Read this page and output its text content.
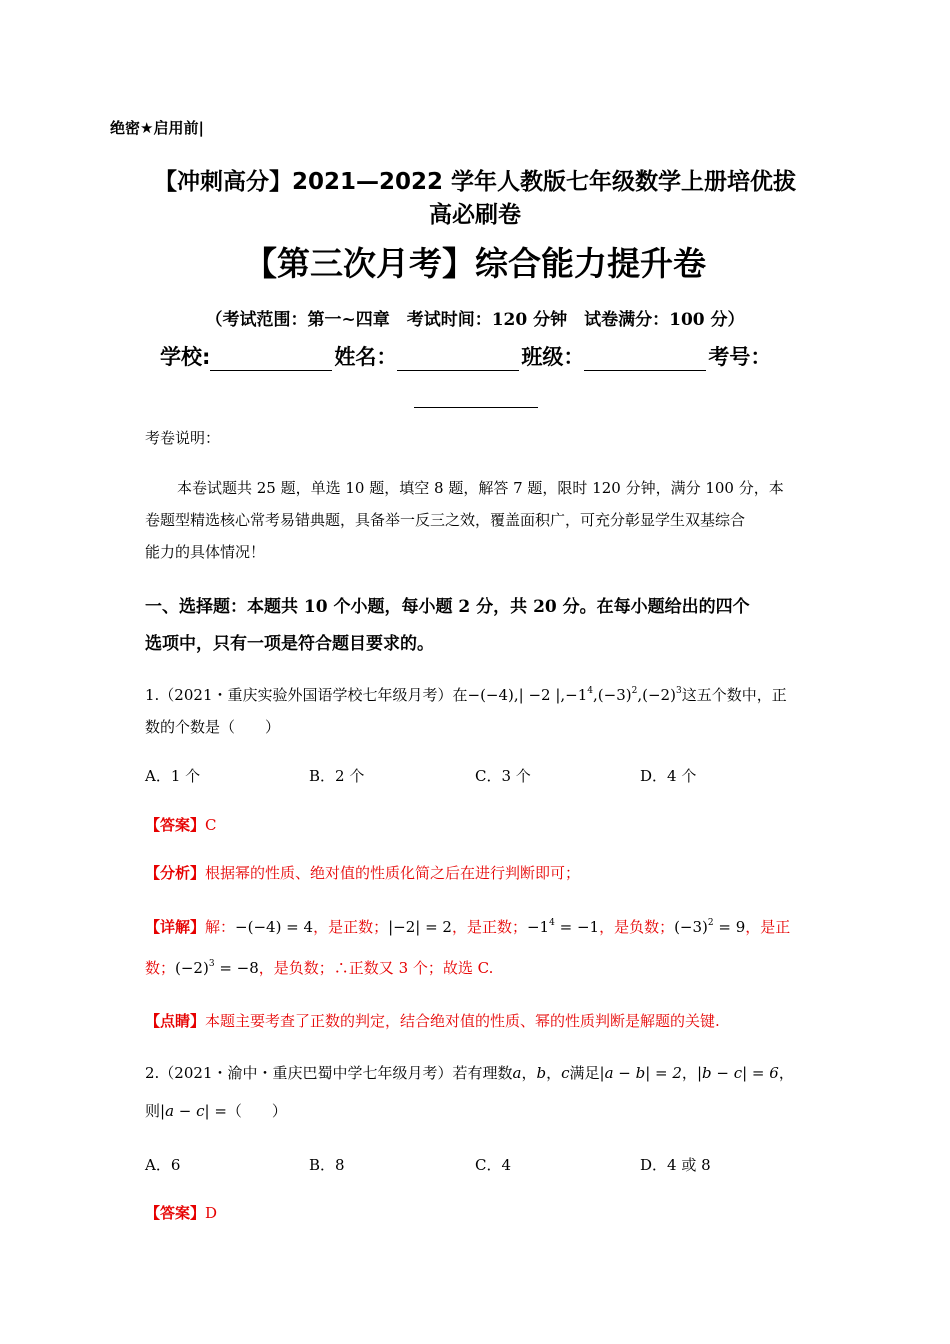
绝密★启用前|
【冲刺高分】2021—2022 学年人教版七年级数学上册培优拔
高必刷卷
【第三次月考】综合能力提升卷
（考试范围：第一~四章　考试时间：120 分钟　试卷满分：100 分）
学校:	姓名：	班级：	考号：
考卷说明：
本卷试题共 25 题，单选 10 题，填空 8 题，解答 7 题，限时 120 分钟，满分 100 分，本
卷题型精选核心常考易错典题，具备举一反三之效，覆盖面积广，可充分彰显学生双基综合
能力的具体情况！
一、选择题：本题共 10 个小题，每小题 2 分，共 20 分。在每小题给出的四个
选项中，只有一项是符合题目要求的。
1.（2021・重庆实验外国语学校七年级月考）在−(−4),| −2 $|,-1^4,(-3)^2,(-2)^3$这五个数中，正
数的个数是（　　）
A．1 个	B．2 个	C．3 个	D．4 个
【答案】C
【分析】根据幂的性质、绝对值的性质化简之后在进行判断即可；
【详解】解：−(−4) = 4，是正数；|−2| = 2，是正数；$-1^4 = -1$，是负数；$(-3)^2 = 9$，是正
数；$(-2)^3 = -8$，是负数；∴正数又 3 个；故选 C.
【点睛】本题主要考查了正数的判定，结合绝对值的性质、幂的性质判断是解题的关键.
2.（2021・渝中・重庆巴蜀中学七年级月考）若有理数a，b，c满足|a − b| = 2，|b − c| = 6，
则|a − c| =（　　）
A．6	B．8	C．4	D．4 或 8
【答案】D
